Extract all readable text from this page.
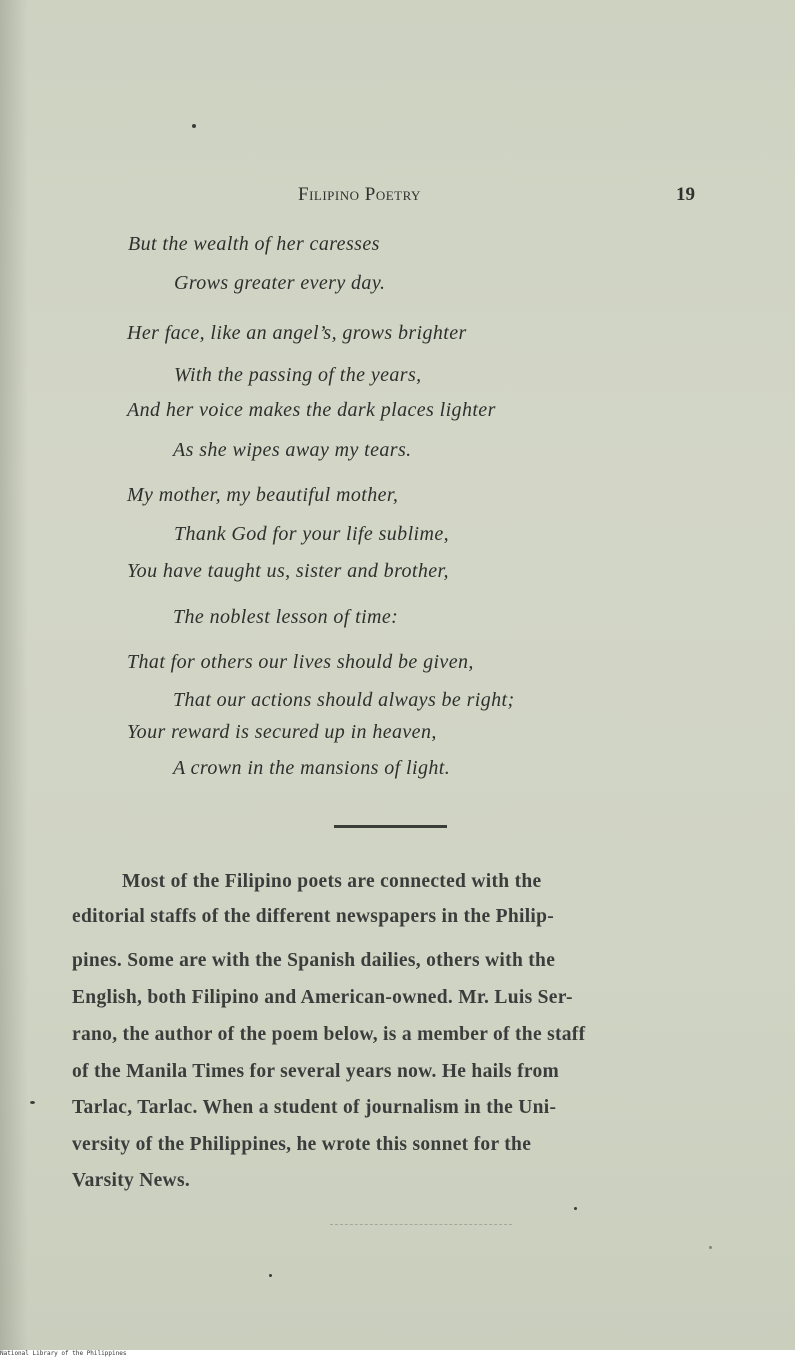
Filipino Poetry	19
But the wealth of her caresses
Grows greater every day.
Her face, like an angel’s, grows brighter
With the passing of the years,
And her voice makes the dark places lighter
As she wipes away my tears.
My mother, my beautiful mother,
Thank God for your life sublime,
You have taught us, sister and brother,
The noblest lesson of time:
That for others our lives should be given,
That our actions should always be right;
Your reward is secured up in heaven,
A crown in the mansions of light.
Most of the Filipino poets are connected with the
editorial staffs of the different newspapers in the Philip-
pines. Some are with the Spanish dailies, others with the
English, both Filipino and American-owned. Mr. Luis Ser-
rano, the author of the poem below, is a member of the staff
of the Manila Times for several years now. He hails from
Tarlac, Tarlac. When a student of journalism in the Uni-
versity of the Philippines, he wrote this sonnet for the
Varsity News.
National Library of the Philippines
